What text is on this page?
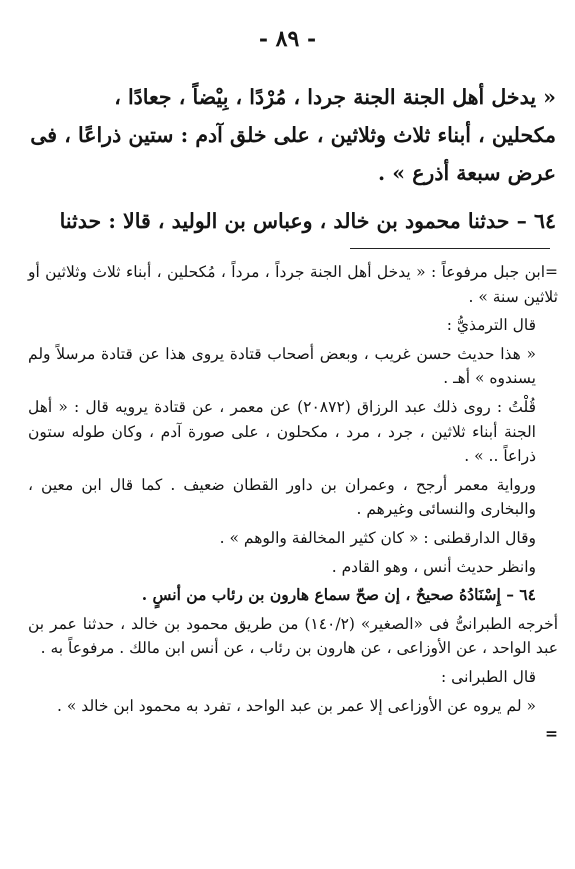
- ٨٩ -

« يدخل أهل الجنة الجنة جردا ، مُرْدًا ، بِيْضاً ، جعادًا ،

مكحلين ، أبناء ثلاث وثلاثين ، على خلق آدم : ستين ذراعًا ، فى

عرض سبعة أذرع » .

٦٤ – حدثنا محمود بن خالد ، وعباس بن الوليد ، قالا : حدثنا

=ابن جبل مرفوعاً : « يدخل أهل الجنة جرداً ، مرداً ، مُكحلين ، أبناء ثلاث وثلاثين أو ثلاثين سنة » .

قال الترمذيُّ :

« هذا حديث حسن غريب ، وبعض أصحاب قتادة يروى هذا عن قتادة مرسلاً ولم يسندوه » أهـ .

قُلْتُ : روى ذلك عبد الرزاق (٢٠٨٧٢) عن معمر ، عن قتادة يرويه قال : « أهل الجنة أبناء ثلاثين ، جرد ، مرد ، مكحلون ، على صورة آدم ، وكان طوله ستون ذراعاً .. » .

ورواية معمر أرجح ، وعمران بن داور القطان ضعيف . كما قال ابن معين ، والبخارى والنسائى وغيرهم .

وقال الدارقطنى : « كان كثير المخالفة والوهم » .

وانظر حديث أنس ، وهو القادم .

٦٤ – إِسْنَادُهُ صحيحٌ ، إن صحّ سماع هارون بن رئاب من أنسٍ .

أخرجه الطبرانىُّ فى «الصغير» (١٤٠/٢) من طريق محمود بن خالد ، حدثنا عمر بن عبد الواحد ، عن الأوزاعى ، عن هارون بن رئاب ، عن أنس ابن مالك . مرفوعاً به .

قال الطبرانى :

« لم يروه عن الأوزاعى إلا عمر بن عبد الواحد ، تفرد به محمود ابن خالد » .

=
